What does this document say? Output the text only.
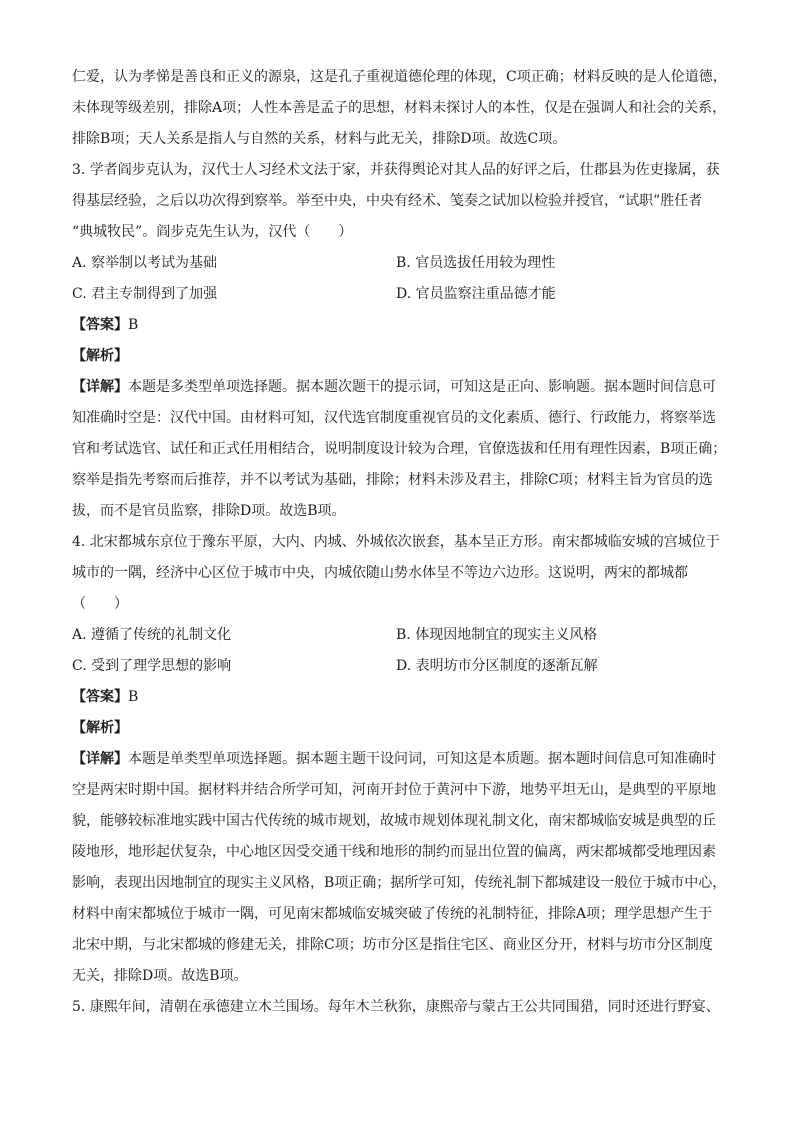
仁爱，认为孝悌是善良和正义的源泉，这是孔子重视道德伦理的体现，C项正确；材料反映的是人伦道德，

未体现等级差别，排除A项；人性本善是孟子的思想，材料未探讨人的本性，仅是在强调人和社会的关系，

排除B项；天人关系是指人与自然的关系，材料与此无关，排除D项。故选C项。

3. 学者阎步克认为，汉代士人习经术文法于家，并获得舆论对其人品的好评之后，仕郡县为佐吏掾属，获

得基层经验，之后以功次得到察举。举至中央，中央有经术、笺奏之试加以检验并授官，“试职”胜任者

“典城牧民”。阎步克先生认为，汉代（　　）

A. 察举制以考试为基础	B. 官员选拔任用较为理性
C. 君主专制得到了加强	D. 官员监察注重品德才能

【答案】B

【解析】

【详解】本题是多类型单项选择题。据本题次题干的提示词，可知这是正向、影响题。据本题时间信息可

知准确时空是：汉代中国。由材料可知，汉代选官制度重视官员的文化素质、德行、行政能力，将察举选

官和考试选官、试任和正式任用相结合，说明制度设计较为合理，官僚选拔和任用有理性因素，B项正确；

察举是指先考察而后推荐，并不以考试为基础，排除；材料未涉及君主，排除C项；材料主旨为官员的选

拔，而不是官员监察，排除D项。故选B项。

4. 北宋都城东京位于豫东平原，大内、内城、外城依次嵌套，基本呈正方形。南宋都城临安城的宫城位于

城市的一隅，经济中心区位于城市中央，内城依随山势水体呈不等边六边形。这说明，两宋的都城都

（　　）

A. 遵循了传统的礼制文化	B. 体现因地制宜的现实主义风格
C. 受到了理学思想的影响	D. 表明坊市分区制度的逐渐瓦解

【答案】B

【解析】

【详解】本题是单类型单项选择题。据本题主题干设问词，可知这是本质题。据本题时间信息可知准确时

空是两宋时期中国。据材料并结合所学可知，河南开封位于黄河中下游，地势平坦无山，是典型的平原地

貌，能够较标准地实践中国古代传统的城市规划，故城市规划体现礼制文化，南宋都城临安城是典型的丘

陵地形，地形起伏复杂，中心地区因受交通干线和地形的制约而显出位置的偏离，两宋都城都受地理因素

影响，表现出因地制宜的现实主义风格，B项正确；据所学可知，传统礼制下都城建设一般位于城市中心，

材料中南宋都城位于城市一隅，可见南宋都城临安城突破了传统的礼制特征，排除A项；理学思想产生于

北宋中期，与北宋都城的修建无关，排除C项；坊市分区是指住宅区、商业区分开，材料与坊市分区制度

无关，排除D项。故选B项。

5. 康熙年间，清朝在承德建立木兰围场。每年木兰秋狝，康熙帝与蒙古王公共同围猎，同时还进行野宴、
